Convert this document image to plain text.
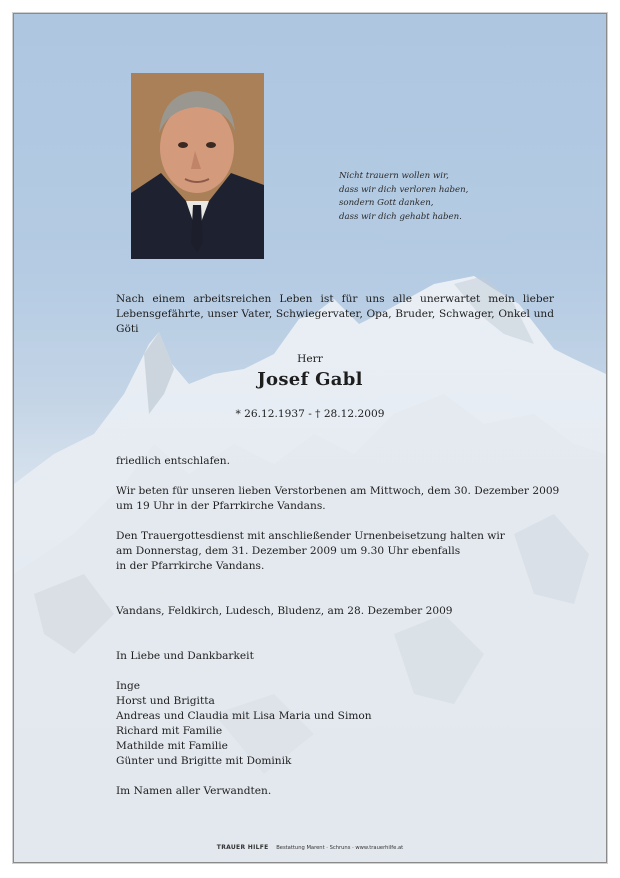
Nicht trauern wollen wir,
dass wir dich verloren haben,
sondern Gott danken,
dass wir dich gehabt haben.
Nach einem arbeitsreichen Leben ist für uns alle unerwartet mein lieber Lebensgefährte, unser Vater, Schwiegervater, Opa, Bruder, Schwager, Onkel und Göti
Herr
Josef Gabl
* 26.12.1937 - † 28.12.2009
friedlich entschlafen.
Wir beten für unseren lieben Verstorbenen am Mittwoch, dem 30. Dezember 2009
um 19 Uhr in der Pfarrkirche Vandans.
Den Trauergottesdienst mit anschließender Urnenbeisetzung halten wir
am Donnerstag, dem 31. Dezember 2009 um 9.30 Uhr ebenfalls
in der Pfarrkirche Vandans.
Vandans, Feldkirch, Ludesch, Bludenz, am 28. Dezember 2009
In Liebe und Dankbarkeit
Inge
Horst und Brigitta
Andreas und Claudia mit Lisa Maria und Simon
Richard mit Familie
Mathilde mit Familie
Günter und Brigitte mit Dominik
Im Namen aller Verwandten.
TRAUER HILFE Bestattung Marent · Schruns · www.trauerhilfe.at
